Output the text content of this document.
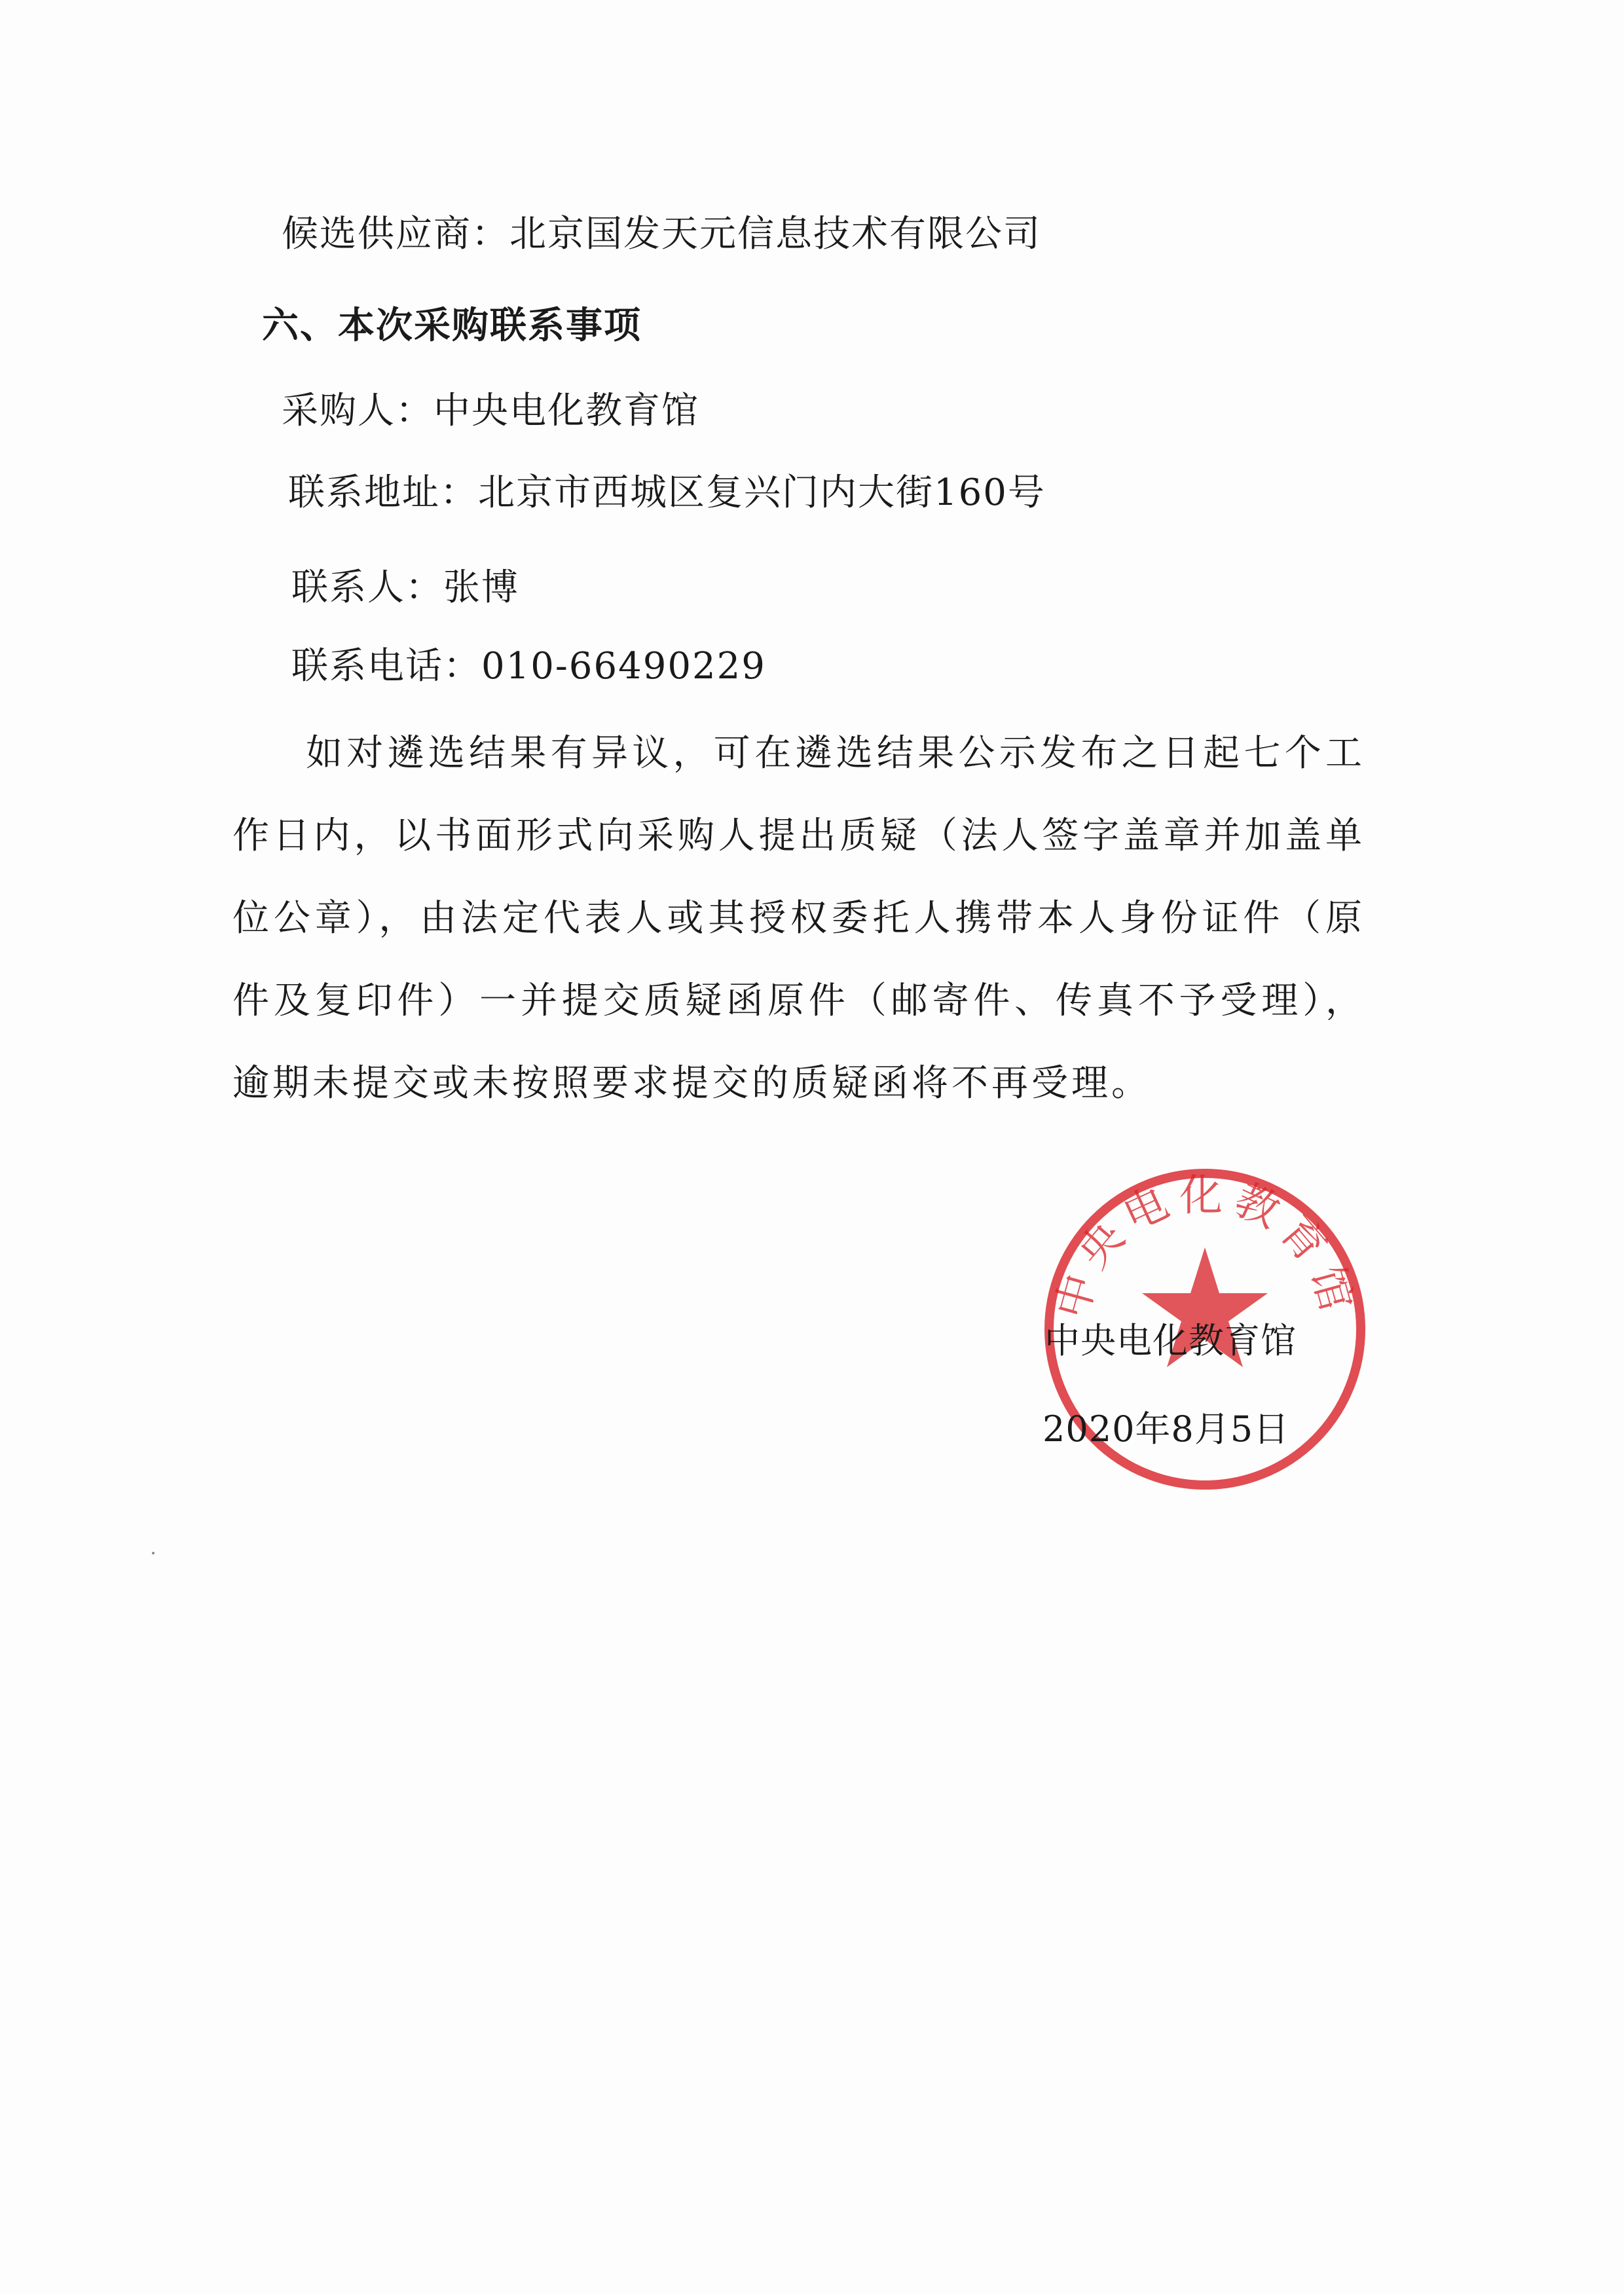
候选供应商：北京国发天元信息技术有限公司
六、本次采购联系事项
采购人：中央电化教育馆
联系地址：北京市西城区复兴门内大街160号
联系人：张博
联系电话：010-66490229
如对遴选结果有异议，可在遴选结果公示发布之日起七个工作日内，以书面形式向采购人提出质疑（法人签字盖章并加盖单位公章），由法定代表人或其授权委托人携带本人身份证件（原件及复印件）一并提交质疑函原件（邮寄件、传真不予受理），逾期未提交或未按照要求提交的质疑函将不再受理。
中央电化教育馆
中央电化教育馆
2020年8月5日
